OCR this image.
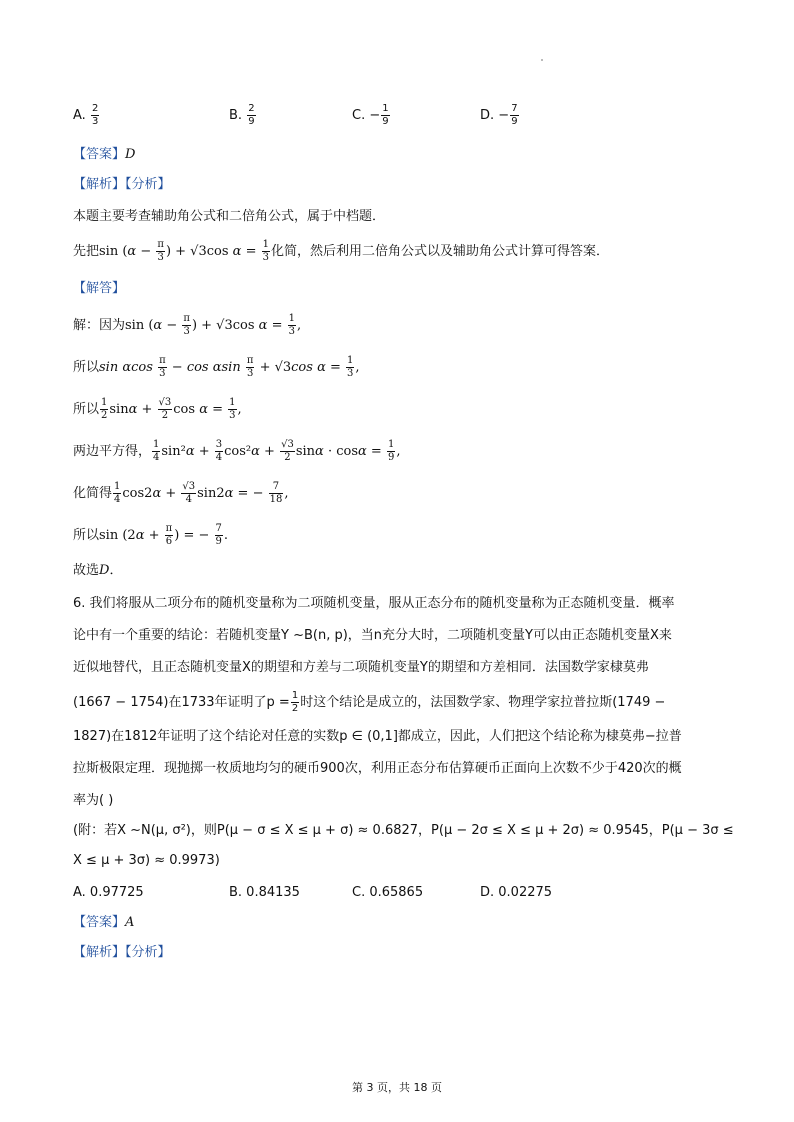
A. $\frac{2}{3}$	B. $\frac{2}{9}$	C. − $\frac{1}{9}$	D. − $\frac{7}{9}$
【答案】D
【解析】【分析】
本题主要考查辅助角公式和二倍角公式，属于中档题．
先把$\sin (\alpha - \frac{\pi}{3}$ ) + √3cos $\alpha = \frac{1}{3}$ 化简，然后利用二倍角公式以及辅助角公式计算可得答案．
【解答】
解：因为$\sin (\alpha - \frac{\pi}{3}$ ) + √3cos $\alpha = \frac{1}{3}$ ,
所以sin αcos $\frac{\pi}{3} - \cos \alpha\sin \frac{\pi}{3} + √3\cos$ $\alpha = \frac{1}{3}$ ,
所以 $\frac{1}{2}$ $\sin\alpha + \frac{√3}{2}$ $\cos \alpha = \frac{1}{3}$ ,
两边平方得， $\frac{1}{4} \sin^2\alpha + \frac{3}{4} \cos^2\alpha + \frac{√3}{2}$ $\sin\alpha \cdot \cos\alpha = \frac{1}{9}$ ,
化简得 $\frac{1}{4} \cos 2\alpha + \frac{√3}{4} \sin 2\alpha$ = − $\frac{7}{18}$ ,
所以$\sin (2\alpha + \frac{\pi}{6}$ ) = − $\frac{7}{9}$ .
故选D．
6. 我们将服从二项分布的随机变量称为二项随机变量，服从正态分布的随机变量称为正态随机变量．概率
论中有一个重要的结论：若随机变量Y ~B(n, p)，当n充分大时，二项随机变量Y可以由正态随机变量X来
近似地替代，且正态随机变量X的期望和方差与二项随机变量Y的期望和方差相同．法国数学家棣莫弗
(1667 − 1754)在1733年证明了$p = \frac{1}{2}$ 时这个结论是成立的，法国数学家、物理学家拉普拉斯(1749 −
1827)在1812年证明了这个结论对任意的实数p ∈ (0,1]都成立，因此，人们把这个结论称为棣莫弗−拉普
拉斯极限定理．现抛掷一枚质地均匀的硬币900次，利用正态分布估算硬币正面向上次数不少于420次的概
率为( )
(附：若X ~N(μ, σ²)，则P(μ − σ ≤ X ≤ μ + σ) ≈ 0.6827，P(μ − 2σ ≤ X ≤ μ + 2σ) ≈ 0.9545，P(μ − 3σ ≤
X ≤ μ + 3σ) ≈ 0.9973)
A. 0.97725	B. 0.84135	C. 0.65865	D. 0.02275
【答案】A
【解析】【分析】
第 3 页，共 18 页
